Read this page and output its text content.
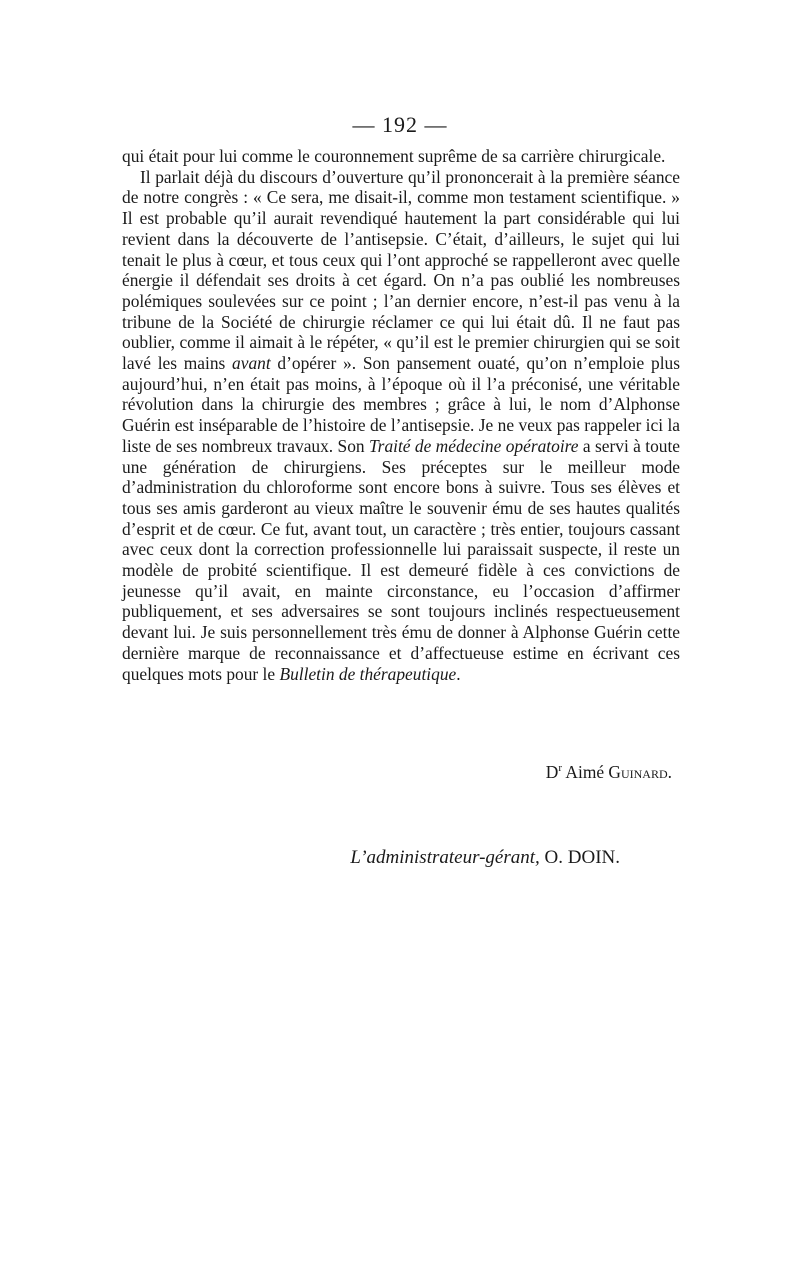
— 192 —

qui était pour lui comme le couronnement suprême de sa carrière chirurgicale.

Il parlait déjà du discours d’ouverture qu’il prononcerait à la première séance de notre congrès : « Ce sera, me disait-il, comme mon testament scientifique. » Il est probable qu’il aurait revendiqué hautement la part considérable qui lui revient dans la découverte de l’antisepsie. C’était, d’ailleurs, le sujet qui lui tenait le plus à cœur, et tous ceux qui l’ont approché se rappelleront avec quelle énergie il défendait ses droits à cet égard. On n’a pas oublié les nombreuses polémiques soulevées sur ce point ; l’an dernier encore, n’est-il pas venu à la tribune de la Société de chirurgie réclamer ce qui lui était dû. Il ne faut pas oublier, comme il aimait à le répéter, « qu’il est le premier chirurgien qui se soit lavé les mains avant d’opérer ». Son pansement ouaté, qu’on n’emploie plus aujourd’hui, n’en était pas moins, à l’époque où il l’a préconisé, une véritable révolution dans la chirurgie des membres ; grâce à lui, le nom d’Alphonse Guérin est inséparable de l’histoire de l’antisepsie. Je ne veux pas rappeler ici la liste de ses nombreux travaux. Son Traité de médecine opératoire a servi à toute une génération de chirurgiens. Ses préceptes sur le meilleur mode d’administration du chloroforme sont encore bons à suivre. Tous ses élèves et tous ses amis garderont au vieux maître le souvenir ému de ses hautes qualités d’esprit et de cœur. Ce fut, avant tout, un caractère ; très entier, toujours cassant avec ceux dont la correction professionnelle lui paraissait suspecte, il reste un modèle de probité scientifique. Il est demeuré fidèle à ces convictions de jeunesse qu’il avait, en mainte circonstance, eu l’occasion d’affirmer publiquement, et ses adversaires se sont toujours inclinés respectueusement devant lui. Je suis personnellement très ému de donner à Alphonse Guérin cette dernière marque de reconnaissance et d’affectueuse estime en écrivant ces quelques mots pour le Bulletin de thérapeutique.

$D^r$ Aimé Guinard.
L’administrateur-gérant, O. DOIN.
